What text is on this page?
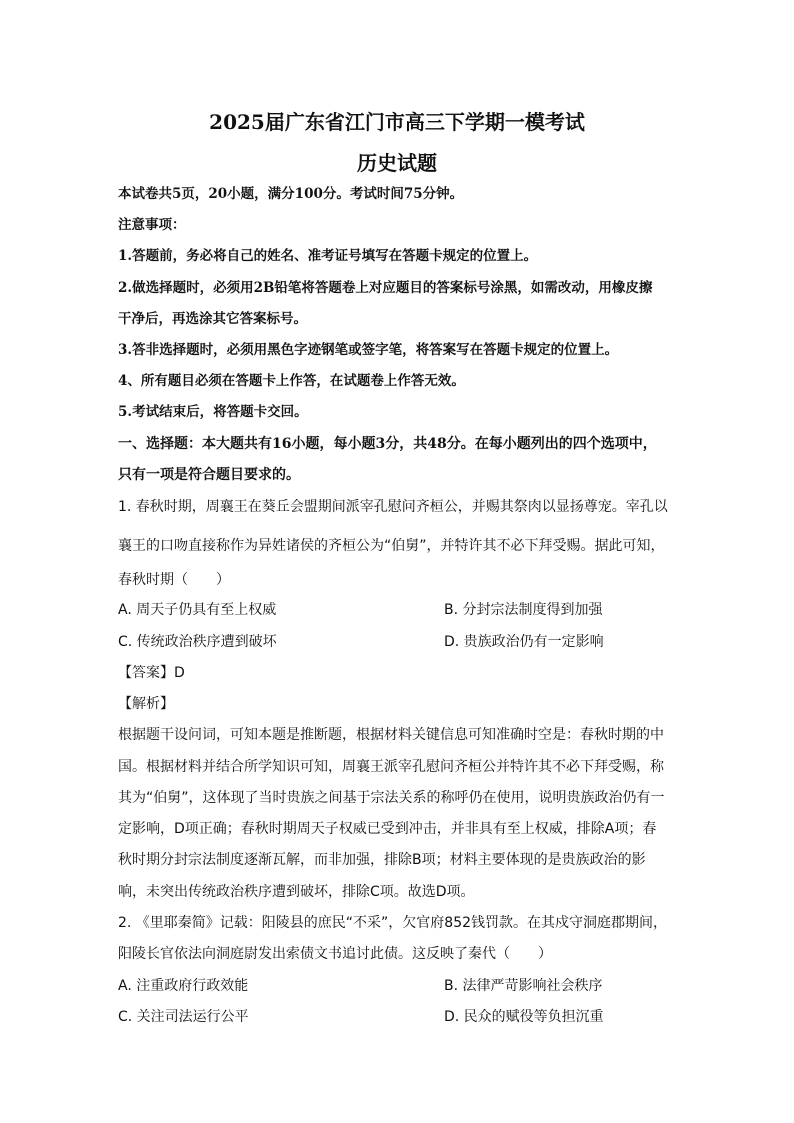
2025届广东省江门市高三下学期一模考试
历史试题
本试卷共5页，20小题，满分100分。考试时间75分钟。
注意事项：
1.答题前，务必将自己的姓名、准考证号填写在答题卡规定的位置上。
2.做选择题时，必须用2B铅笔将答题卷上对应题目的答案标号涂黑，如需改动，用橡皮擦
干净后，再选涂其它答案标号。
3.答非选择题时，必须用黑色字迹钢笔或签字笔，将答案写在答题卡规定的位置上。
4、所有题目必须在答题卡上作答，在试题卷上作答无效。
5.考试结束后，将答题卡交回。
一、选择题：本大题共有16小题，每小题3分，共48分。在每小题列出的四个选项中，
只有一项是符合题目要求的。
1. 春秋时期，周襄王在葵丘会盟期间派宰孔慰问齐桓公，并赐其祭肉以显扬尊宠。宰孔以
襄王的口吻直接称作为异姓诸侯的齐桓公为“伯舅”，并特许其不必下拜受赐。据此可知，
春秋时期（　　）
A. 周天子仍具有至上权威	B. 分封宗法制度得到加强
C. 传统政治秩序遭到破坏	D. 贵族政治仍有一定影响
【答案】D
【解析】
根据题干设问词，可知本题是推断题，根据材料关键信息可知准确时空是：春秋时期的中
国。根据材料并结合所学知识可知，周襄王派宰孔慰问齐桓公并特许其不必下拜受赐，称
其为“伯舅”，这体现了当时贵族之间基于宗法关系的称呼仍在使用，说明贵族政治仍有一
定影响，D项正确；春秋时期周天子权威已受到冲击，并非具有至上权威，排除A项；春
秋时期分封宗法制度逐渐瓦解，而非加强，排除B项；材料主要体现的是贵族政治的影
响，未突出传统政治秩序遭到破坏，排除C项。故选D项。
2. 《里耶秦简》记载：阳陵县的庶民“不采”，欠官府852钱罚款。在其戍守洞庭郡期间，
阳陵长官依法向洞庭尉发出索债文书追讨此债。这反映了秦代（　　）
A. 注重政府行政效能	B. 法律严苛影响社会秩序
C. 关注司法运行公平	D. 民众的赋役等负担沉重
